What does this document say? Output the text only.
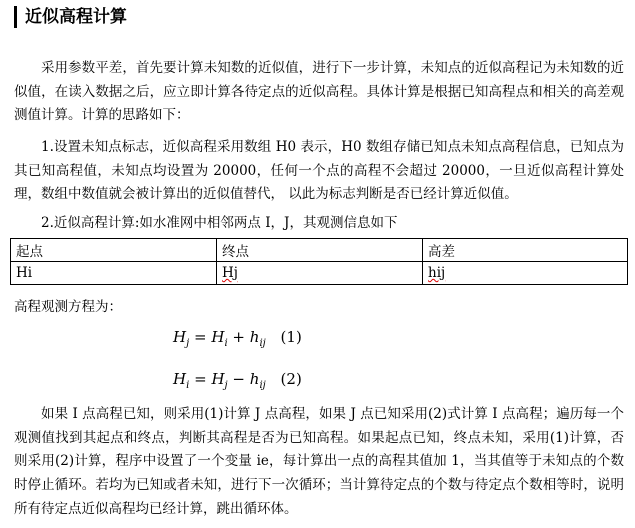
近似高程计算

采用参数平差，首先要计算未知数的近似值，进行下一步计算，未知点的近似高程记为未知数的近似值，在读入数据之后，应立即计算各待定点的近似高程。具体计算是根据已知高程点和相关的高差观测值计算。计算的思路如下：

1.设置未知点标志，近似高程采用数组 H0 表示，H0 数组存储已知点未知点高程信息，已知点为其已知高程值，未知点均设置为 20000，任何一个点的高程不会超过 20000，一旦近似高程计算处理，数组中数值就会被计算出的近似值替代， 以此为标志判断是否已经计算近似值。

2.近似高程计算:如水准网中相邻两点 I，J，其观测信息如下

起点	终点	高差
Hi	Hj	hij

高程观测方程为：

$H_j = H_i + h_{ij}$ (1)
$H_i = H_j - h_{ij}$ (2)

如果 I 点高程已知，则采用(1)计算 J 点高程，如果 J 点已知采用(2)式计算 I 点高程；遍历每一个观测值找到其起点和终点，判断其高程是否为已知高程。如果起点已知，终点未知，采用(1)计算，否则采用(2)计算，程序中设置了一个变量 ie，每计算出一点的高程其值加 1，当其值等于未知点的个数时停止循环。若均为已知或者未知，进行下一次循环；当计算待定点的个数与待定点个数相等时，说明所有待定点近似高程均已经计算，跳出循环体。
